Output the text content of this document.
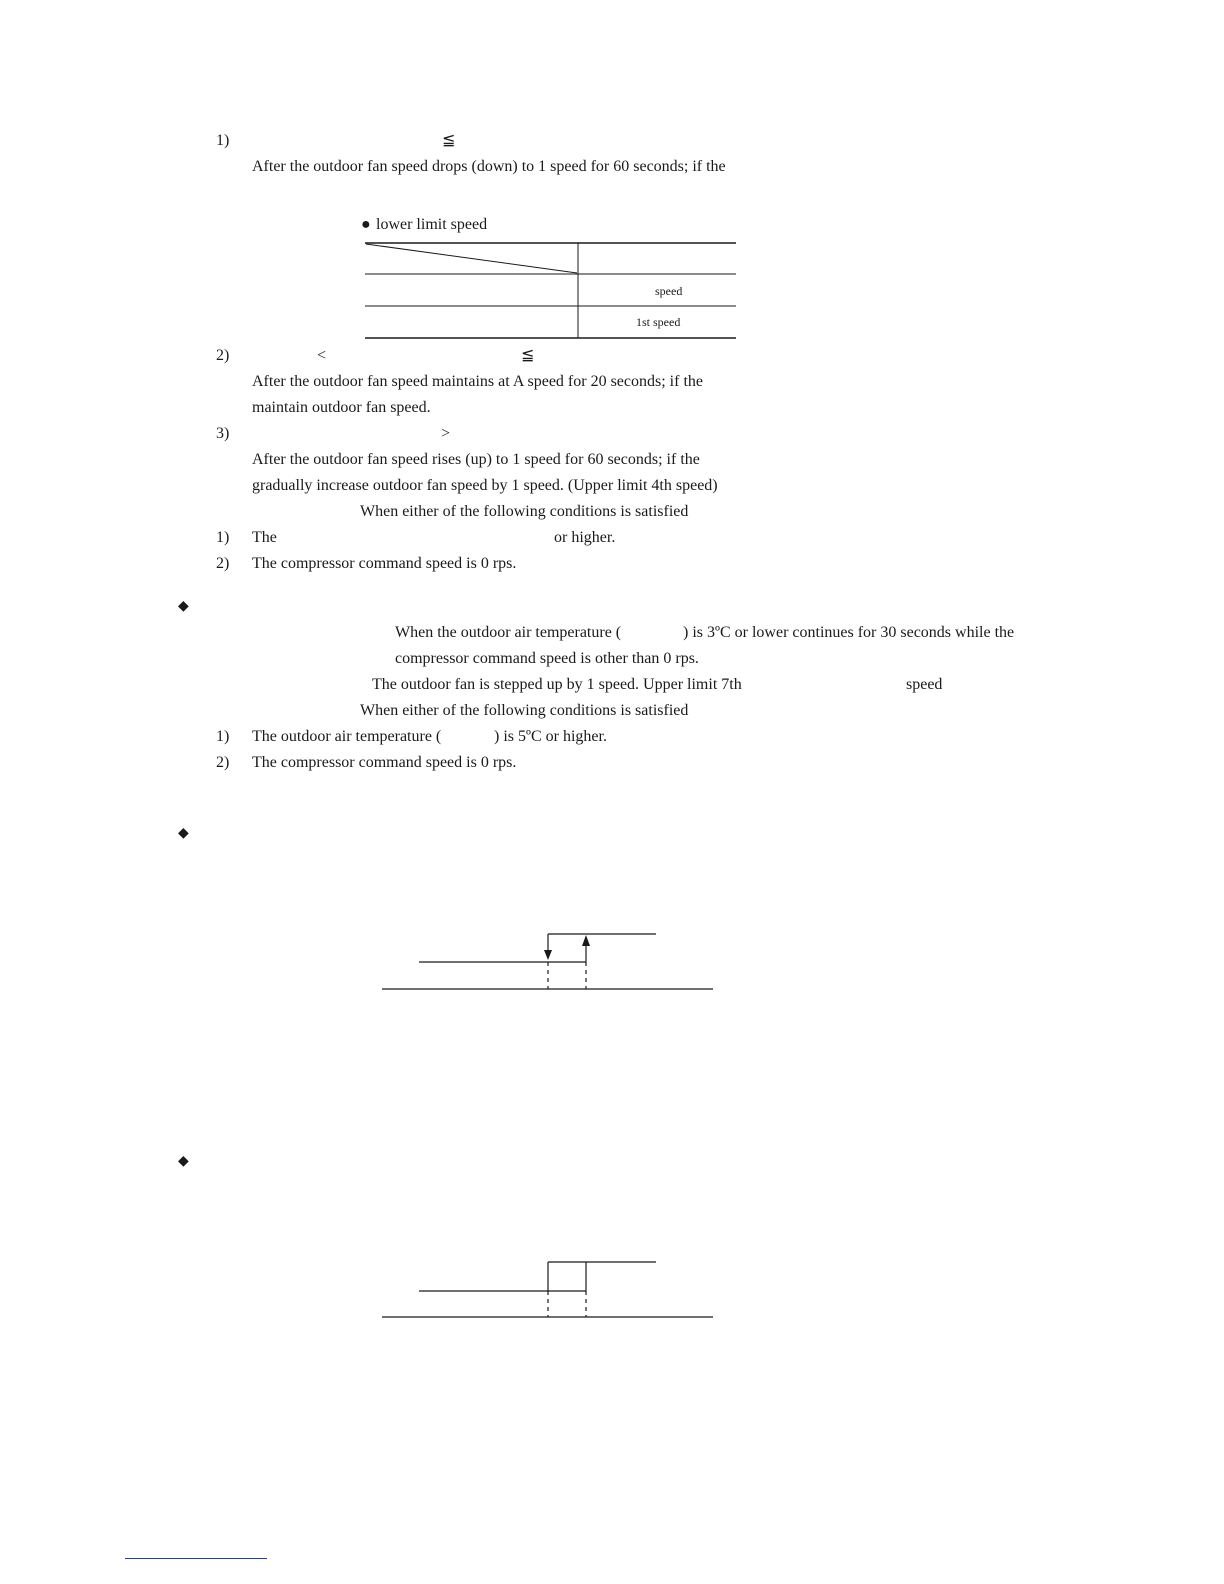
1)	≦
After the outdoor fan speed drops (down) to 1 speed for 60 seconds; if the
● lower limit speed
speed
1st speed
2)	<	≦
After the outdoor fan speed maintains at A speed for 20 seconds; if the
maintain outdoor fan speed.
3)	>
After the outdoor fan speed rises (up) to 1 speed for 60 seconds; if the
gradually increase outdoor fan speed by 1 speed. (Upper limit 4th speed)
When either of the following conditions is satisfied
1) The	or higher.
2) The compressor command speed is 0 rps.
◆
When the outdoor air temperature (	) is 3ºC or lower continues for 30 seconds while the
compressor command speed is other than 0 rps.
The outdoor fan is stepped up by 1 speed. Upper limit 7th	speed
When either of the following conditions is satisfied
1) The outdoor air temperature (	) is 5ºC or higher.
2) The compressor command speed is 0 rps.
◆
◆
